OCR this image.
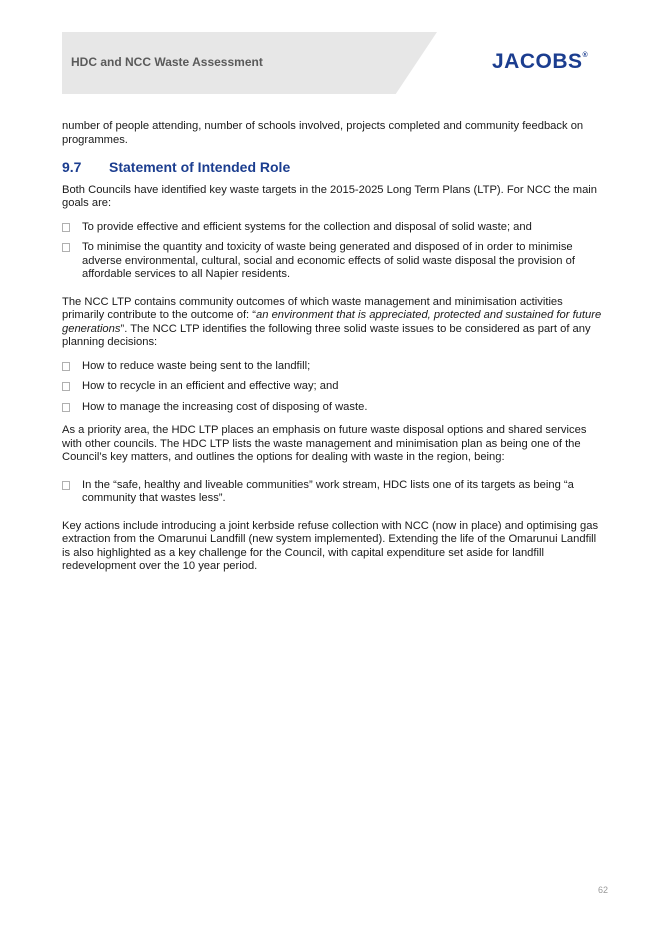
HDC and NCC Waste Assessment	JACOBS®

number of people attending, number of schools involved, projects completed and community feedback on programmes.

9.7 Statement of Intended Role

Both Councils have identified key waste targets in the 2015-2025 Long Term Plans (LTP). For NCC the main goals are:

To provide effective and efficient systems for the collection and disposal of solid waste; and
To minimise the quantity and toxicity of waste being generated and disposed of in order to minimise adverse environmental, cultural, social and economic effects of solid waste disposal the provision of affordable services to all Napier residents.

The NCC LTP contains community outcomes of which waste management and minimisation activities primarily contribute to the outcome of: “an environment that is appreciated, protected and sustained for future generations”. The NCC LTP identifies the following three solid waste issues to be considered as part of any planning decisions:

How to reduce waste being sent to the landfill;
How to recycle in an efficient and effective way; and
How to manage the increasing cost of disposing of waste.

As a priority area, the HDC LTP places an emphasis on future waste disposal options and shared services with other councils. The HDC LTP lists the waste management and minimisation plan as being one of the Council’s key matters, and outlines the options for dealing with waste in the region, being:

In the “safe, healthy and liveable communities” work stream, HDC lists one of its targets as being “a community that wastes less”.

Key actions include introducing a joint kerbside refuse collection with NCC (now in place) and optimising gas extraction from the Omarunui Landfill (new system implemented). Extending the life of the Omarunui Landfill is also highlighted as a key challenge for the Council, with capital expenditure set aside for landfill redevelopment over the 10 year period.

62
